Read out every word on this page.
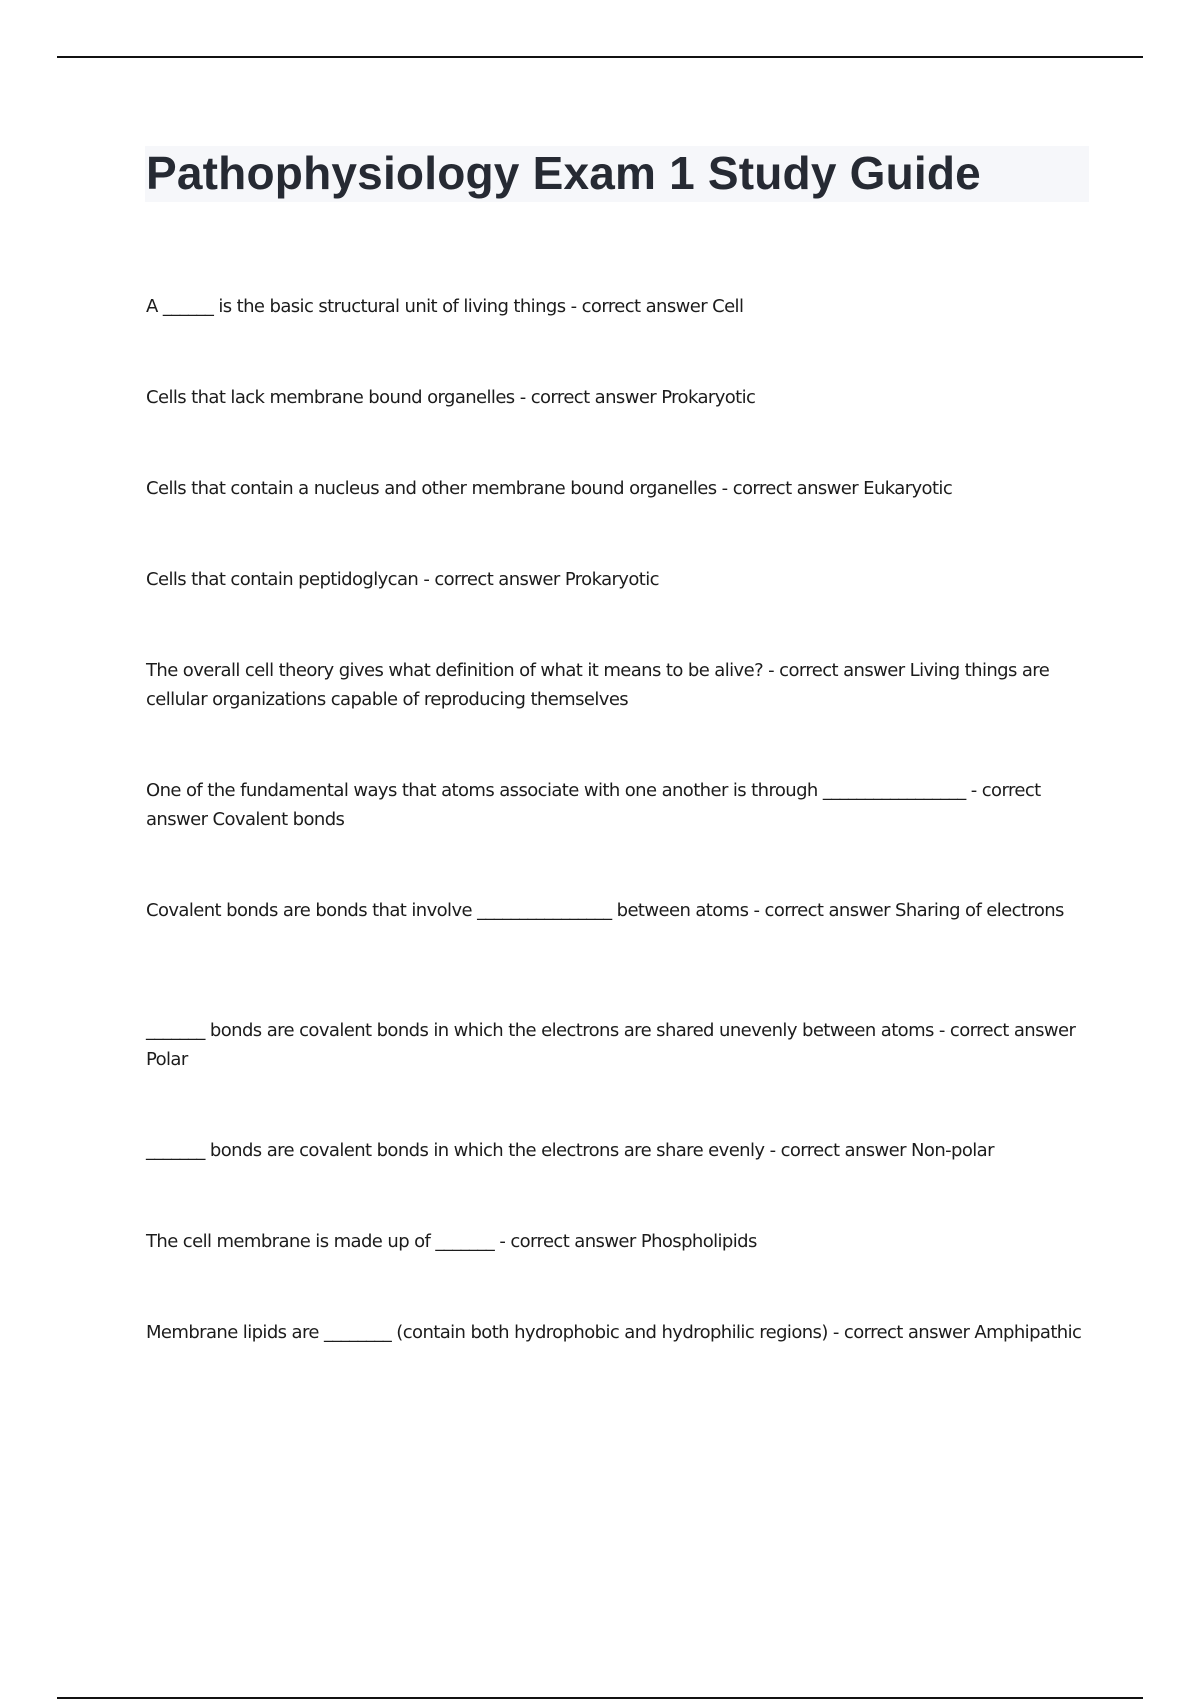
Pathophysiology Exam 1 Study Guide

A ______ is the basic structural unit of living things - correct answer Cell

Cells that lack membrane bound organelles - correct answer Prokaryotic

Cells that contain a nucleus and other membrane bound organelles - correct answer Eukaryotic

Cells that contain peptidoglycan - correct answer Prokaryotic

The overall cell theory gives what definition of what it means to be alive? - correct answer Living things are cellular organizations capable of reproducing themselves

One of the fundamental ways that atoms associate with one another is through _________________ - correct answer Covalent bonds

Covalent bonds are bonds that involve ________________ between atoms - correct answer Sharing of electrons

_______ bonds are covalent bonds in which the electrons are shared unevenly between atoms - correct answer Polar

_______ bonds are covalent bonds in which the electrons are share evenly - correct answer Non-polar

The cell membrane is made up of _______ - correct answer Phospholipids

Membrane lipids are ________ (contain both hydrophobic and hydrophilic regions) - correct answer Amphipathic
